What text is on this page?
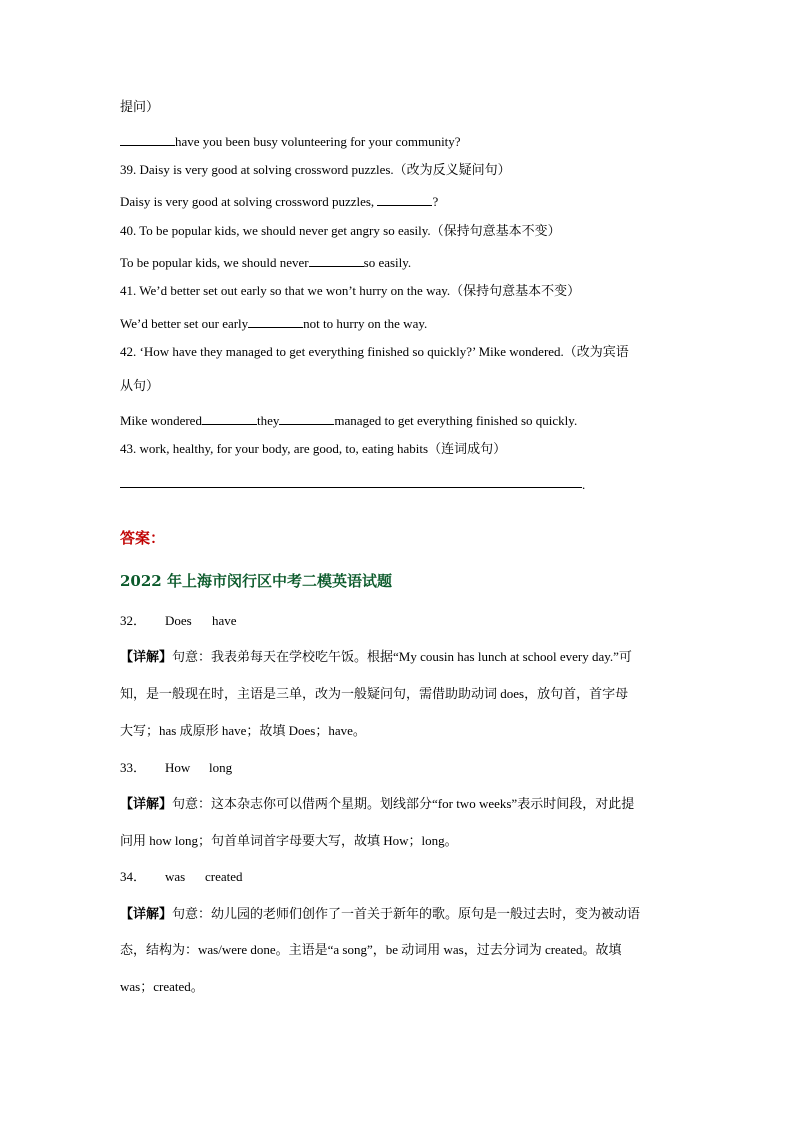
提问）
have you been busy volunteering for your community?
39. Daisy is very good at solving crossword puzzles.（改为反义疑问句）
Daisy is very good at solving crossword puzzles,	?
40. To be popular kids, we should never get angry so easily.（保持句意基本不变）
To be popular kids, we should never	so easily.
41. We’d better set out early so that we won’t hurry on the way.（保持句意基本不变）
We’d better set our early	not to hurry on the way.
42. ‘How have they managed to get everything finished so quickly?’ Mike wondered.（改为宾语
从句）
Mike wondered	they	managed to get everything finished so quickly.
43. work, healthy, for your body, are good, to, eating habits（连词成句）
.
答案：
2022 年上海市闵行区中考二模英语试题
32． Does have
【详解】句意：我表弟每天在学校吃午饭。根据“My cousin has lunch at school every day.”可
知，是一般现在时，主语是三单，改为一般疑问句，需借助助动词 does，放句首，首字母
大写；has 成原形 have；故填 Does；have。
33． How long
【详解】句意：这本杂志你可以借两个星期。划线部分“for two weeks”表示时间段，对此提
问用 how long；句首单词首字母要大写，故填 How；long。
34． was created
【详解】句意：幼儿园的老师们创作了一首关于新年的歌。原句是一般过去时，变为被动语
态，结构为：was/were done。主语是“a song”，be 动词用 was，过去分词为 created。故填
was；created。
